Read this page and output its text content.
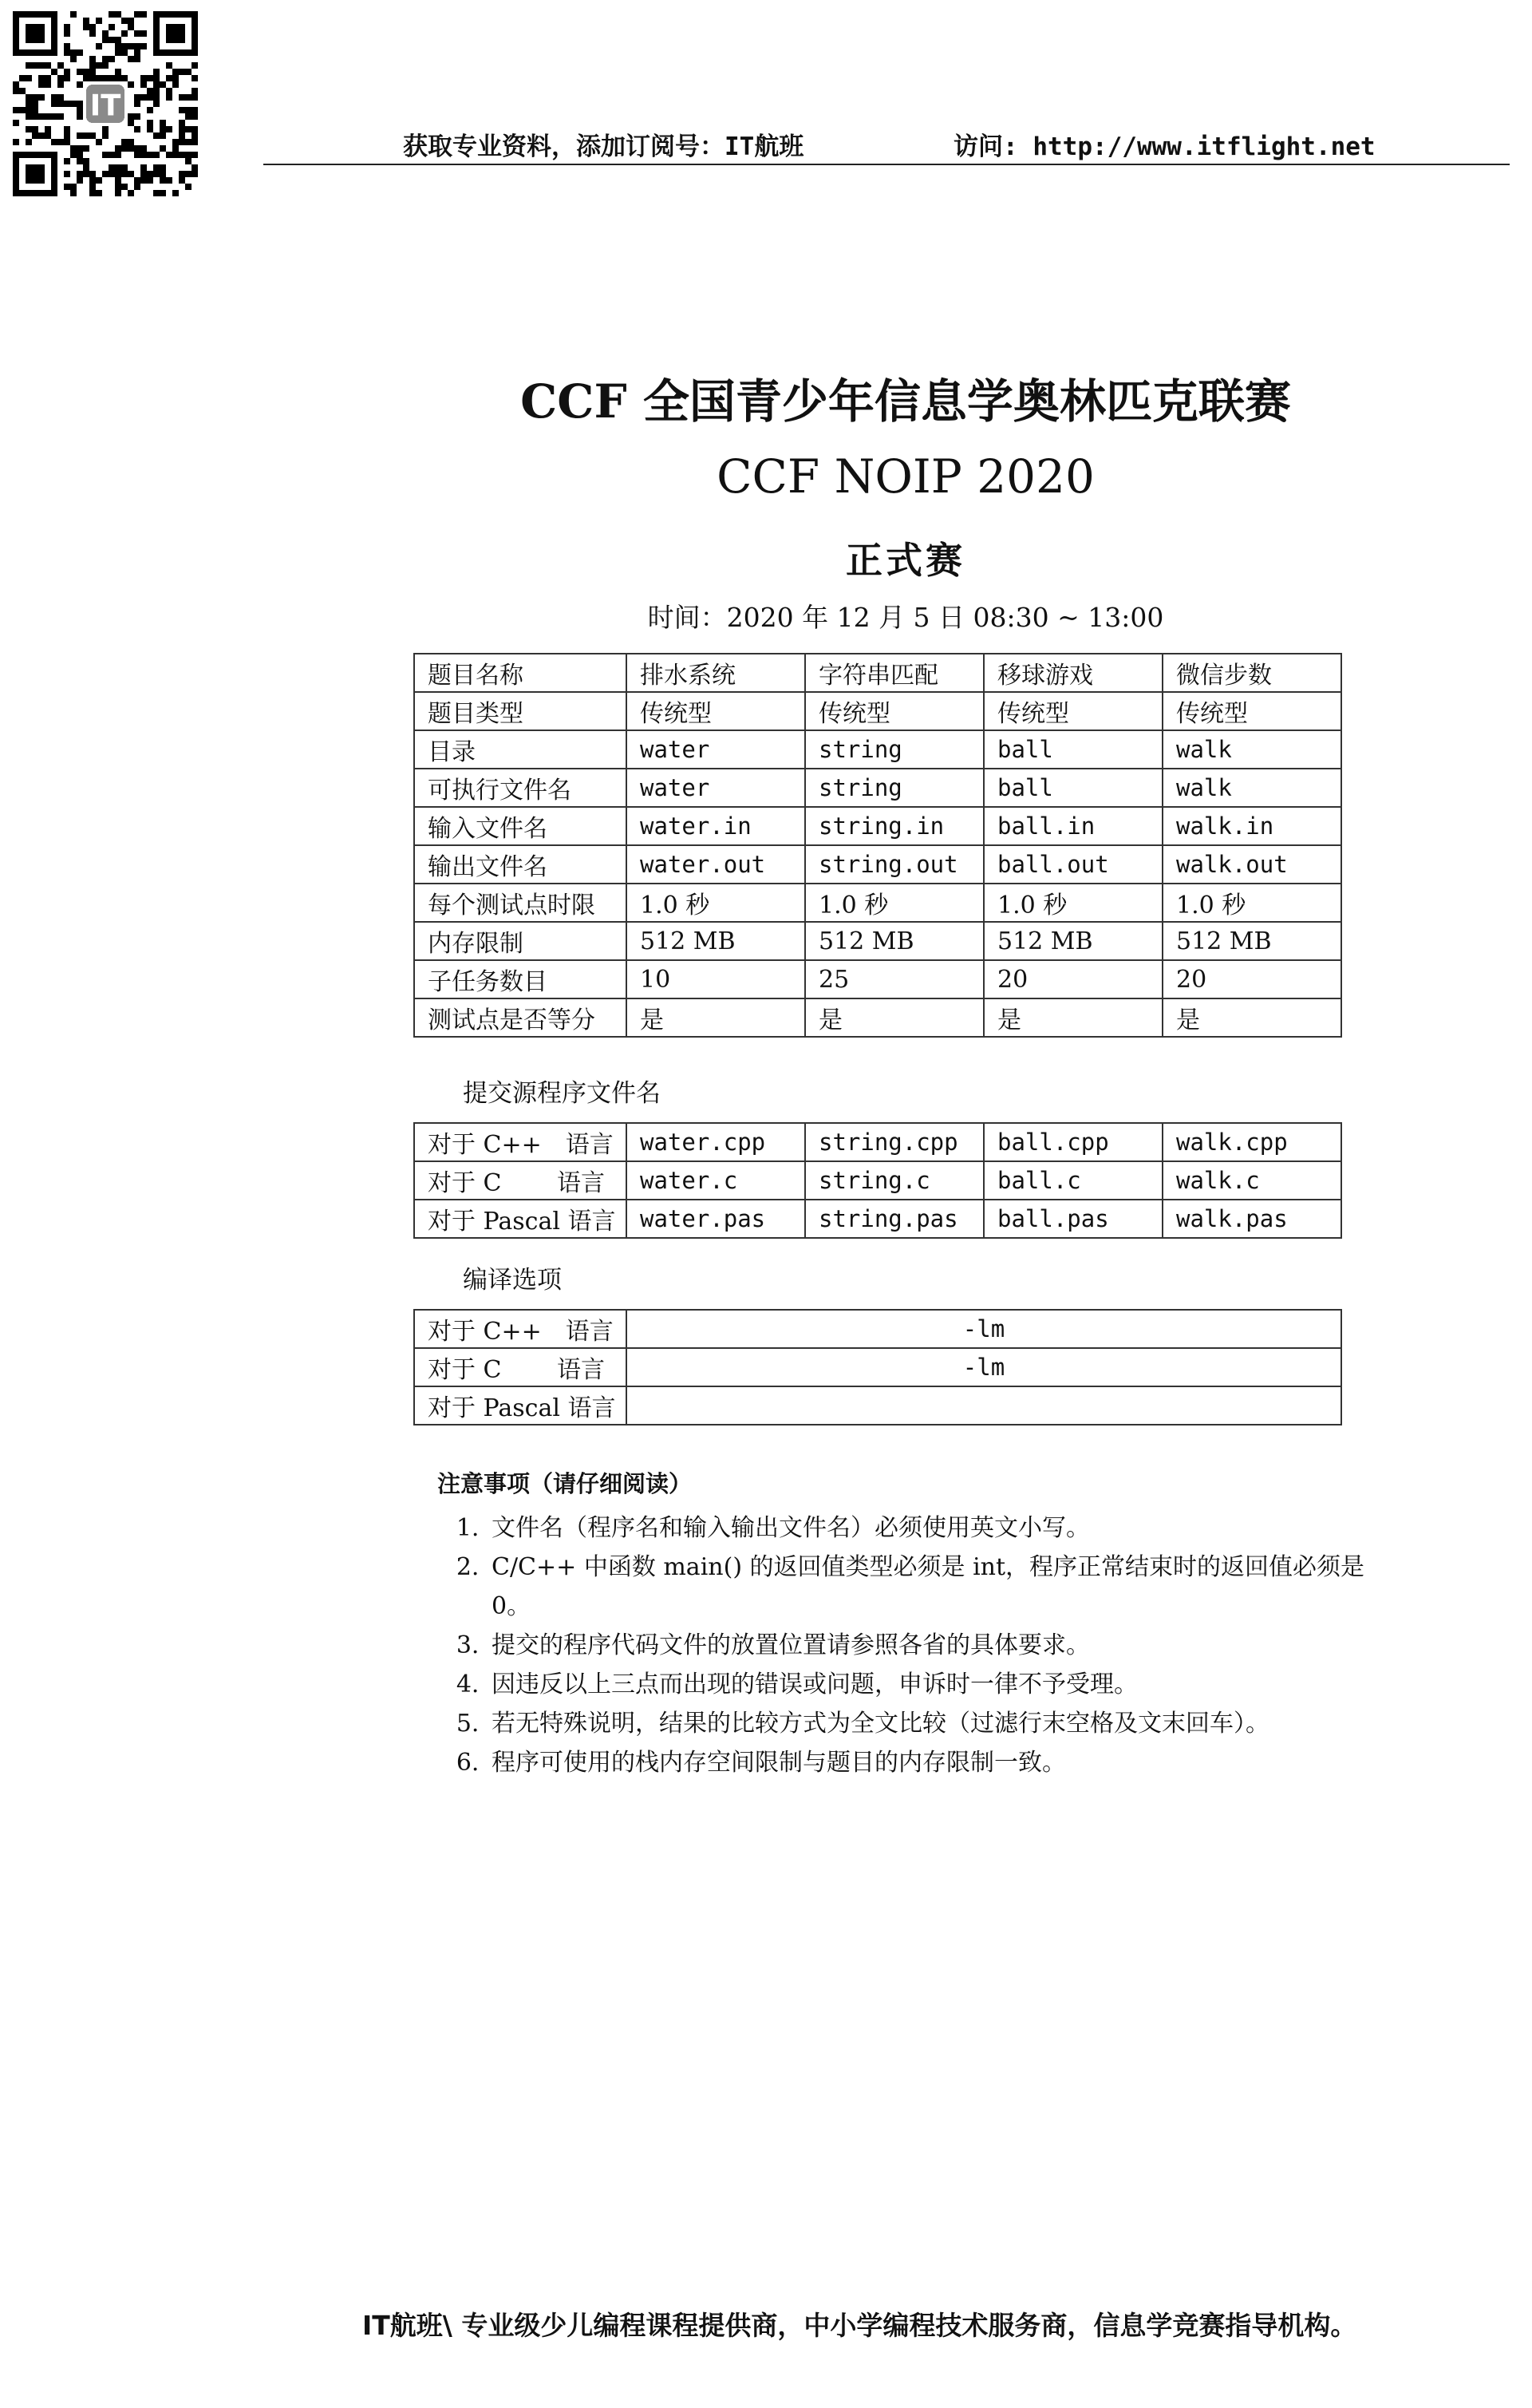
IT
获取专业资料，添加订阅号：IT航班	访问: http://www.itflight.net
CCF 全国青少年信息学奥林匹克联赛
CCF NOIP 2020
正式赛
时间：2020 年 12 月 5 日 08:30 ~ 13:00
题目名称	排水系统	字符串匹配	移球游戏	微信步数
题目类型	传统型	传统型	传统型	传统型
目录	water	string	ball	walk
可执行文件名	water	string	ball	walk
输入文件名	water.in	string.in	ball.in	walk.in
输出文件名	water.out	string.out	ball.out	walk.out
每个测试点时限	1.0 秒	1.0 秒	1.0 秒	1.0 秒
内存限制	512 MB	512 MB	512 MB	512 MB
子任务数目	10	25	20	20
测试点是否等分	是	是	是	是
提交源程序文件名
对于 C++　语言	water.cpp	string.cpp	ball.cpp	walk.cpp
对于 C　　 语言	water.c	string.c	ball.c	walk.c
对于 Pascal 语言	water.pas	string.pas	ball.pas	walk.pas
编译选项
对于 C++　语言	-lm
对于 C　　 语言	-lm
对于 Pascal 语言	
注意事项（请仔细阅读）
1. 文件名（程序名和输入输出文件名）必须使用英文小写。
2. C/C++ 中函数 main() 的返回值类型必须是 int，程序正常结束时的返回值必须是 0。
3. 提交的程序代码文件的放置位置请参照各省的具体要求。
4. 因违反以上三点而出现的错误或问题，申诉时一律不予受理。
5. 若无特殊说明，结果的比较方式为全文比较（过滤行末空格及文末回车）。
6. 程序可使用的栈内存空间限制与题目的内存限制一致。
IT航班\ 专业级少儿编程课程提供商，中小学编程技术服务商，信息学竞赛指导机构。
